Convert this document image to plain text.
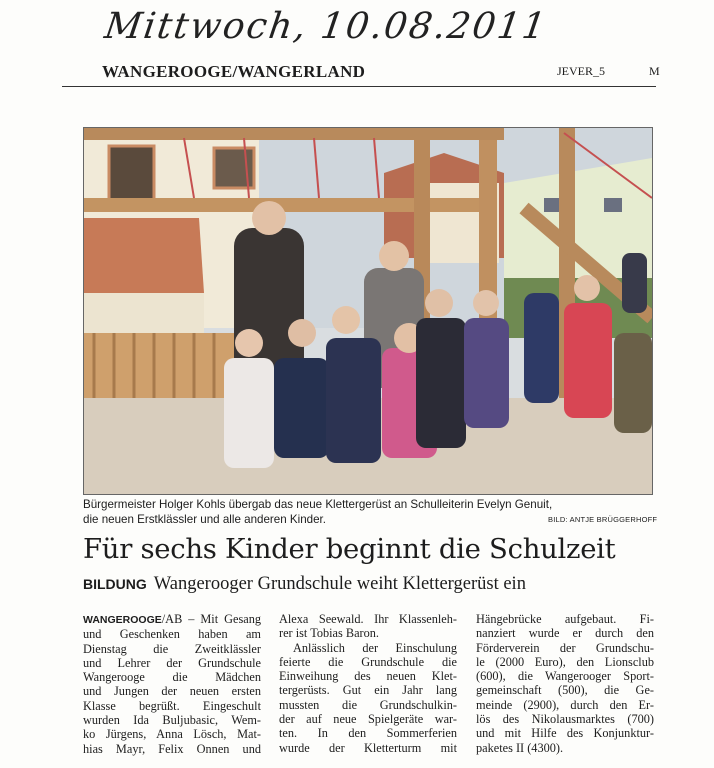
Mittwoch, 10.08.2011
WANGEROOGE/WANGERLAND	JEVER_5	M
Bürgermeister Holger Kohls übergab das neue Klettergerüst an Schulleiterin Evelyn Genuit,
die neuen Erstklässler und alle anderen Kinder.	BILD: ANTJE BRÜGGERHOFF
Für sechs Kinder beginnt die Schulzeit
BILDUNG Wangerooger Grundschule weiht Klettergerüst ein
WANGEROOGE/AB – Mit Gesang
und Geschenken haben am
Dienstag die Zweitklässler
und Lehrer der Grundschule
Wangerooge die Mädchen
und Jungen der neuen ersten
Klasse begrüßt. Eingeschult
wurden Ida Buljubasic, Wem-
ko Jürgens, Anna Lösch, Mat-
hias Mayr, Felix Onnen und
Alexa Seewald. Ihr Klassenleh-
rer ist Tobias Baron.
Anlässlich der Einschulung
feierte die Grundschule die
Einweihung des neuen Klet-
tergerüsts. Gut ein Jahr lang
mussten die Grundschulkin-
der auf neue Spielgeräte war-
ten. In den Sommerferien
wurde der Kletterturm mit
Hängebrücke aufgebaut. Fi-
nanziert wurde er durch den
Förderverein der Grundschu-
le (2000 Euro), den Lionsclub
(600), die Wangerooger Sport-
gemeinschaft (500), die Ge-
meinde (2900), durch den Er-
lös des Nikolausmarktes (700)
und mit Hilfe des Konjunktur-
paketes II (4300).
